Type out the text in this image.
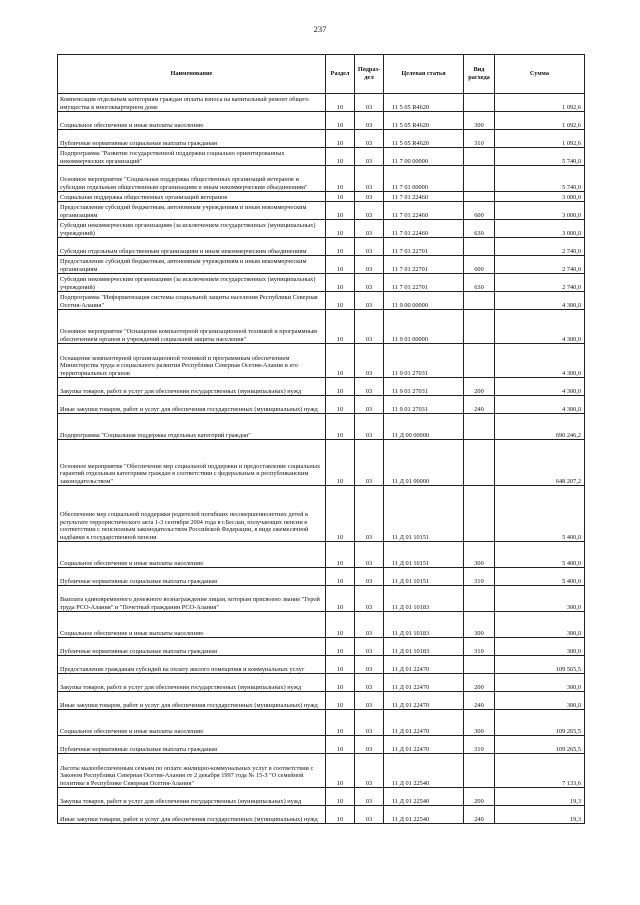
237
Наименование	Раздел	Подраз-дел	Целевая статья	Вид расхода	Сумма
Компенсация отдельным категориям граждан оплаты взноса на капитальный ремонт общего имущества в многоквартирном доме	10	03	11 5 05 R4620		1 092,6
Социальное обеспечение и иные выплаты населению	10	03	11 5 05 R4620	300	1 092,6
Публичные нормативные социальные выплаты гражданам	10	03	11 5 05 R4620	310	1 092,6
Подпрограмма "Развитие государственной поддержки социально ориентированных некоммерческих организаций"	10	03	11 7 00 00000		5 740,0
Основное мероприятие "Социальная поддержка общественных организаций ветеранов и субсидии отдельным общественным организациям и иным некоммерческим объединениям"	10	03	11 7 01 00000		5 740,0
Социальная поддержка общественных организаций ветеранов	10	03	11 7 01 22460		3 000,0
Предоставление субсидий бюджетным, автономным учреждениям и иным некоммерческим организациям	10	03	11 7 01 22460	600	3 000,0
Субсидии некоммерческим организациям (за исключением государственных (муниципальных) учреждений)	10	03	11 7 01 22460	630	3 000,0
Субсидии отдельным общественным организациям и иным некоммерческим объединениям	10	03	11 7 01 22701		2 740,0
Предоставление субсидий бюджетным, автономным учреждениям и иным некоммерческим организациям	10	03	11 7 01 22701	600	2 740,0
Субсидии некоммерческим организациям (за исключением государственных (муниципальных) учреждений)	10	03	11 7 01 22701	630	2 740,0
Подпрограмма "Информатизация системы социальной защиты населения Республики Северная Осетия-Алания"	10	03	11 9 00 00000		4 300,0
Основное мероприятие "Оснащение компьютерной организационной техникой и программным обеспечением органов и учреждений социальной защиты населения"	10	03	11 9 01 00000		4 300,0
Оснащение компьютерной организационной техникой и программным обеспечением Министерства труда и социального развития Республики Северная Осетия-Алания и его территориальных органов	10	03	11 9 01 27031		4 300,0
Закупка товаров, работ и услуг для обеспечения государственных (муниципальных) нужд	10	03	11 9 01 27031	200	4 300,0
Иные закупки товаров, работ и услуг для обеспечения государственных (муниципальных) нужд	10	03	11 9 01 27031	240	4 300,0
Подпрограмма "Социальная поддержка отдельных категорий граждан"	10	03	11 Д 00 00000		690 246,2
Основное мероприятие "Обеспечение мер социальной поддержки и предоставление социальных гарантий отдельным категориям граждан в соответствии с федеральным и республиканским законодательством"	10	03	11 Д 01 00000		648 207,2
Обеспечение мер социальной поддержки родителей погибших несовершеннолетних детей в результате террористического акта 1-3 сентября 2004 года в г.Беслан, получающих пенсии в соответствии с пенсионным законодательством Российской Федерации, в виде ежемесячной надбавки к государственной пенсии	10	03	11 Д 01 10151		5 400,0
Социальное обеспечение и иные выплаты населению	10	03	11 Д 01 10151	300	5 400,0
Публичные нормативные социальные выплаты гражданам	10	03	11 Д 01 10151	310	5 400,0
Выплата единовременного денежного вознаграждения лицам, которым присвоено звание "Герой труда РСО-Алания" и "Почетный гражданин РСО-Алания"	10	03	11 Д 01 10183		300,0
Социальное обеспечение и иные выплаты населению	10	03	11 Д 01 10183	300	300,0
Публичные нормативные социальные выплаты гражданам	10	03	11 Д 01 10183	310	300,0
Предоставление гражданам субсидий на оплату жилого помещения и коммунальных услуг	10	03	11 Д 01 22470		109 565,5
Закупка товаров, работ и услуг для обеспечения государственных (муниципальных) нужд	10	03	11 Д 01 22470	200	300,0
Иные закупки товаров, работ и услуг для обеспечения государственных (муниципальных) нужд	10	03	11 Д 01 22470	240	300,0
Социальное обеспечение и иные выплаты населению	10	03	11 Д 01 22470	300	109 265,5
Публичные нормативные социальные выплаты гражданам	10	03	11 Д 01 22470	310	109 265,5
Льготы малообеспеченным семьям по оплате жилищно-коммунальных услуг в соответствии с Законом Республики Северная Осетия-Алания от 2 декабря 1997 года № 15-З "О семейной политике в Республике Северная Осетия-Алания"	10	03	11 Д 01 22540		7 133,6
Закупка товаров, работ и услуг для обеспечения государственных (муниципальных) нужд	10	03	11 Д 01 22540	200	19,3
Иные закупки товаров, работ и услуг для обеспечения государственных (муниципальных) нужд	10	03	11 Д 01 22540	240	19,3
